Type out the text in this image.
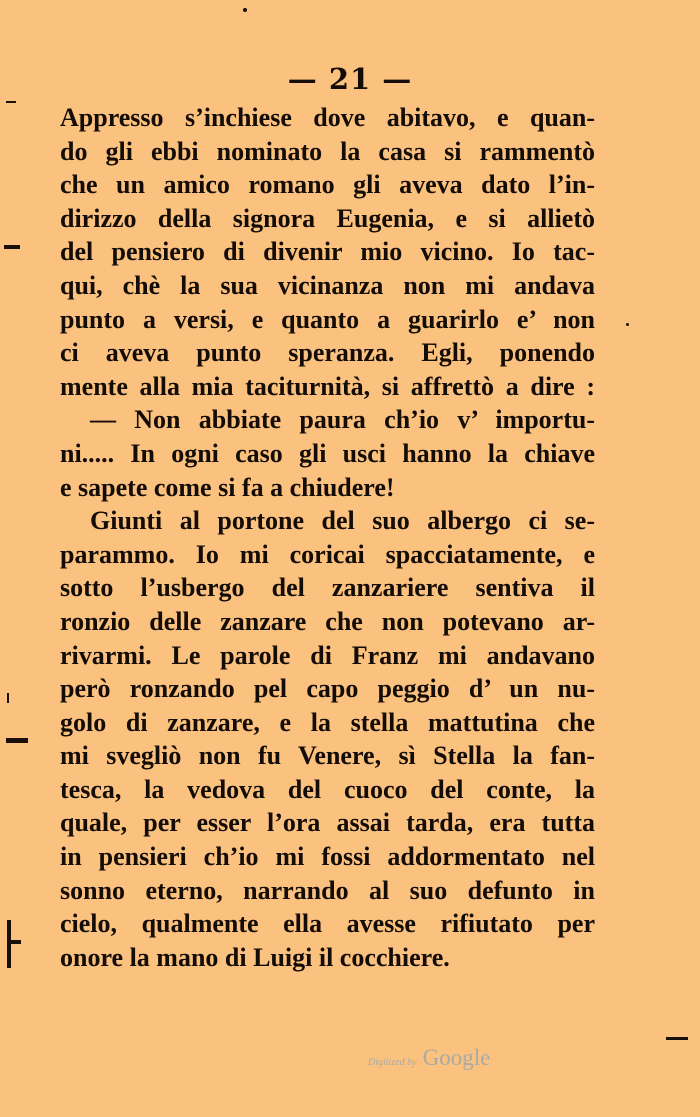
— 21 —
Appresso s’inchiese dove abitavo, e quan-
do gli ebbi nominato la casa si rammentò
che un amico romano gli aveva dato l’in-
dirizzo della signora Eugenia, e si allietò
del pensiero di divenir mio vicino. Io tac-
qui, chè la sua vicinanza non mi andava
punto a versi, e quanto a guarirlo e’ non
ci aveva punto speranza. Egli, ponendo
mente alla mia taciturnità, si affrettò a dire :
— Non abbiate paura ch’io v’ importu-
ni..... In ogni caso gli usci hanno la chiave
e sapete come si fa a chiudere!
Giunti al portone del suo albergo ci se-
parammo. Io mi coricai spacciatamente, e
sotto l’usbergo del zanzariere sentiva il
ronzio delle zanzare che non potevano ar-
rivarmi. Le parole di Franz mi andavano
però ronzando pel capo peggio d’ un nu-
golo di zanzare, e la stella mattutina che
mi svegliò non fu Venere, sì Stella la fan-
tesca, la vedova del cuoco del conte, la
quale, per esser l’ora assai tarda, era tutta
in pensieri ch’io mi fossi addormentato nel
sonno eterno, narrando al suo defunto in
cielo, qualmente ella avesse rifiutato per
onore la mano di Luigi il cocchiere.
Digitized by Google
